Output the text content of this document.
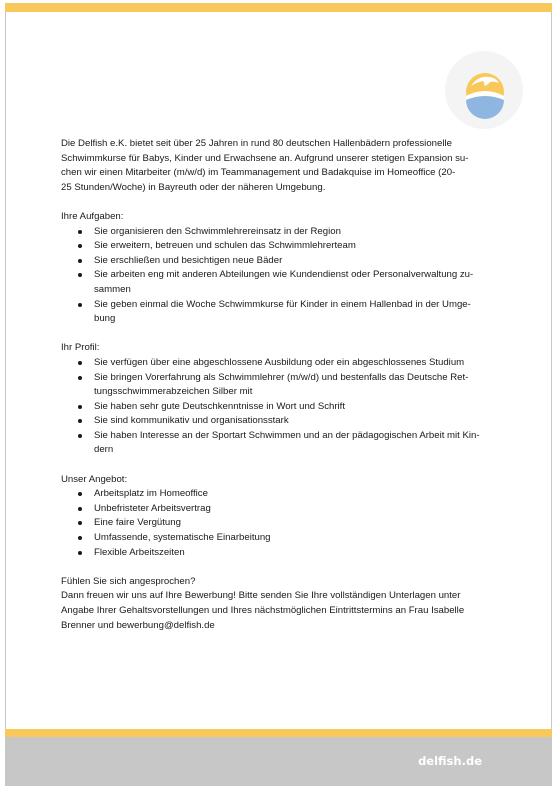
Die Delfish e.K. bietet seit über 25 Jahren in rund 80 deutschen Hallenbädern professionelle
Schwimmkurse für Babys, Kinder und Erwachsene an. Aufgrund unserer stetigen Expansion su-
chen wir einen Mitarbeiter (m/w/d) im Teammanagement und Badakquise im Homeoffice (20-
25 Stunden/Woche) in Bayreuth oder der näheren Umgebung.

Ihre Aufgaben:

Sie organisieren den Schwimmlehrereinsatz in der Region
Sie erweitern, betreuen und schulen das Schwimmlehrerteam
Sie erschließen und besichtigen neue Bäder
Sie arbeiten eng mit anderen Abteilungen wie Kundendienst oder Personalverwaltung zu-
sammen
Sie geben einmal die Woche Schwimmkurse für Kinder in einem Hallenbad in der Umge-
bung

Ihr Profil:

Sie verfügen über eine abgeschlossene Ausbildung oder ein abgeschlossenes Studium
Sie bringen Vorerfahrung als Schwimmlehrer (m/w/d) und bestenfalls das Deutsche Ret-
tungsschwimmerabzeichen Silber mit
Sie haben sehr gute Deutschkenntnisse in Wort und Schrift
Sie sind kommunikativ und organisationsstark
Sie haben Interesse an der Sportart Schwimmen und an der pädagogischen Arbeit mit Kin-
dern

Unser Angebot:

Arbeitsplatz im Homeoffice
Unbefristeter Arbeitsvertrag
Eine faire Vergütung
Umfassende, systematische Einarbeitung
Flexible Arbeitszeiten

Fühlen Sie sich angesprochen?
Dann freuen wir uns auf Ihre Bewerbung! Bitte senden Sie Ihre vollständigen Unterlagen unter
Angabe Ihrer Gehaltsvorstellungen und Ihres nächstmöglichen Eintrittstermins an Frau Isabelle
Brenner und bewerbung@delfish.de

delfish.de
